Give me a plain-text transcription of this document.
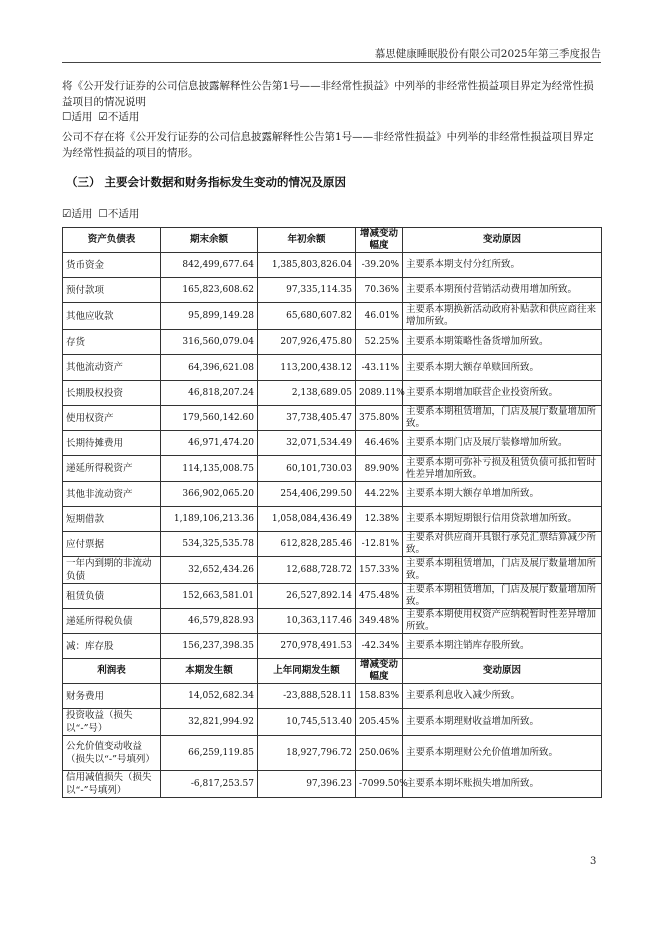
慕思健康睡眠股份有限公司2025年第三季度报告
将《公开发行证券的公司信息披露解释性公告第1号——非经常性损益》中列举的非经常性损益项目界定为经常性损益项目的情况说明
☐适用 ☑不适用
公司不存在将《公开发行证券的公司信息披露解释性公告第1号——非经常性损益》中列举的非经常性损益项目界定为经常性损益的项目的情形。
（三） 主要会计数据和财务指标发生变动的情况及原因
☑适用 ☐不适用
资产负债表	期末余额	年初余额	增减变动幅度	变动原因
货币资金	842,499,677.64	1,385,803,826.04	-39.20%	主要系本期支付分红所致。
预付款项	165,823,608.62	97,335,114.35	70.36%	主要系本期预付营销活动费用增加所致。
其他应收款	95,899,149.28	65,680,607.82	46.01%	主要系本期换新活动政府补贴款和供应商往来增加所致。
存货	316,560,079.04	207,926,475.80	52.25%	主要系本期策略性备货增加所致。
其他流动资产	64,396,621.08	113,200,438.12	-43.11%	主要系本期大额存单赎回所致。
长期股权投资	46,818,207.24	2,138,689.05	2089.11%	主要系本期增加联营企业投资所致。
使用权资产	179,560,142.60	37,738,405.47	375.80%	主要系本期租赁增加，门店及展厅数量增加所致。
长期待摊费用	46,971,474.20	32,071,534.49	46.46%	主要系本期门店及展厅装修增加所致。
递延所得税资产	114,135,008.75	60,101,730.03	89.90%	主要系本期可弥补亏损及租赁负债可抵扣暂时性差异增加所致。
其他非流动资产	366,902,065.20	254,406,299.50	44.22%	主要系本期大额存单增加所致。
短期借款	1,189,106,213.36	1,058,084,436.49	12.38%	主要系本期短期银行信用贷款增加所致。
应付票据	534,325,535.78	612,828,285.46	-12.81%	主要系对供应商开具银行承兑汇票结算减少所致。
一年内到期的非流动负债	32,652,434.26	12,688,728.72	157.33%	主要系本期租赁增加，门店及展厅数量增加所致。
租赁负债	152,663,581.01	26,527,892.14	475.48%	主要系本期租赁增加，门店及展厅数量增加所致。
递延所得税负债	46,579,828.93	10,363,117.46	349.48%	主要系本期使用权资产应纳税暂时性差异增加所致。
减：库存股	156,237,398.35	270,978,491.53	-42.34%	主要系本期注销库存股所致。
利润表	本期发生额	上年同期发生额	增减变动幅度	变动原因
财务费用	14,052,682.34	-23,888,528.11	158.83%	主要系利息收入减少所致。
投资收益（损失以“-”号）	32,821,994.92	10,745,513.40	205.45%	主要系本期理财收益增加所致。
公允价值变动收益（损失以“-”号填列）	66,259,119.85	18,927,796.72	250.06%	主要系本期理财公允价值增加所致。
信用减值损失（损失以“-”号填列）	-6,817,253.57	97,396.23	-7099.50%	主要系本期坏账损失增加所致。
3
